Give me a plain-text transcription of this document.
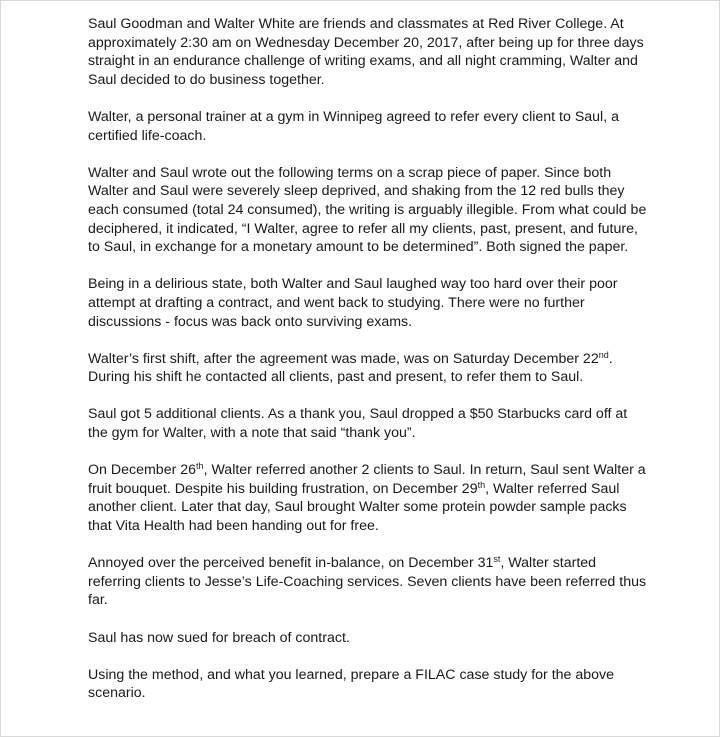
Saul Goodman and Walter White are friends and classmates at Red River College. At approximately 2:30 am on Wednesday December 20, 2017, after being up for three days straight in an endurance challenge of writing exams, and all night cramming, Walter and Saul decided to do business together.

Walter, a personal trainer at a gym in Winnipeg agreed to refer every client to Saul, a certified life-coach.

Walter and Saul wrote out the following terms on a scrap piece of paper. Since both Walter and Saul were severely sleep deprived, and shaking from the 12 red bulls they each consumed (total 24 consumed), the writing is arguably illegible. From what could be deciphered, it indicated, “I Walter, agree to refer all my clients, past, present, and future, to Saul, in exchange for a monetary amount to be determined”. Both signed the paper.

Being in a delirious state, both Walter and Saul laughed way too hard over their poor attempt at drafting a contract, and went back to studying. There were no further discussions - focus was back onto surviving exams.

Walter’s first shift, after the agreement was made, was on Saturday December 22nd. During his shift he contacted all clients, past and present, to refer them to Saul.

Saul got 5 additional clients. As a thank you, Saul dropped a $50 Starbucks card off at the gym for Walter, with a note that said “thank you”.

On December 26th, Walter referred another 2 clients to Saul. In return, Saul sent Walter a fruit bouquet. Despite his building frustration, on December 29th, Walter referred Saul another client. Later that day, Saul brought Walter some protein powder sample packs that Vita Health had been handing out for free.

Annoyed over the perceived benefit in-balance, on December 31st, Walter started referring clients to Jesse’s Life-Coaching services. Seven clients have been referred thus far.

Saul has now sued for breach of contract.

Using the method, and what you learned, prepare a FILAC case study for the above scenario.
